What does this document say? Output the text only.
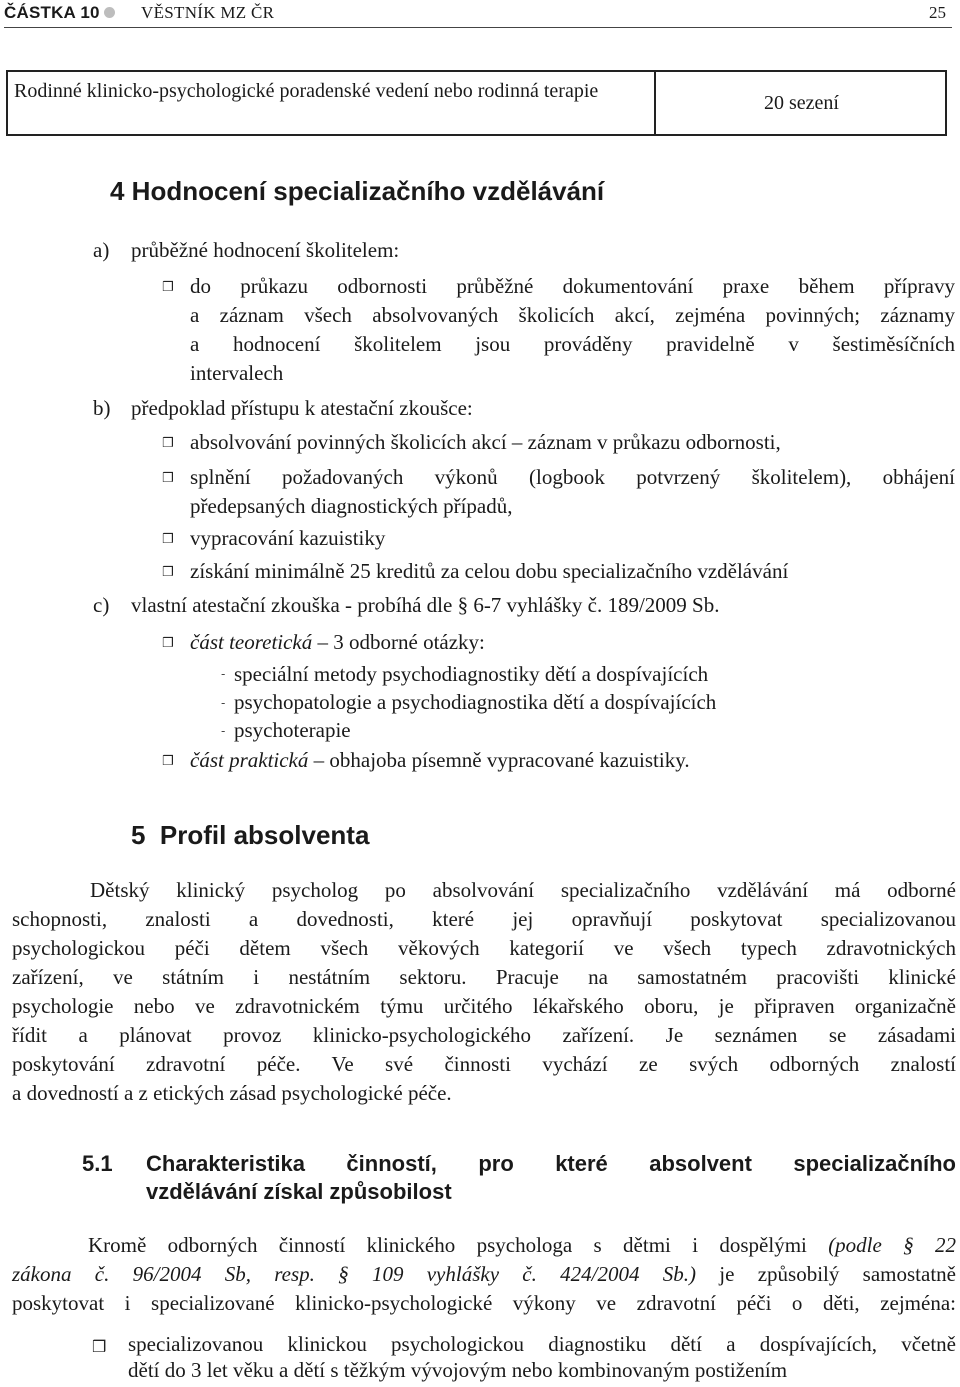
ČÁSTKA 10 VĚSTNÍK MZ ČR	25
Rodinné klinicko-psychologické poradenské vedení nebo rodinná terapie
20 sezení
4 Hodnocení specializačního vzdělávání
a) průběžné hodnocení školitelem:
❒ do průkazu odbornosti průběžné dokumentování praxe během přípravy
a záznam všech absolvovaných školicích akcí, zejména povinných; záznamy
a hodnocení školitelem jsou prováděny pravidelně v šestiměsíčních
intervalech
b) předpoklad přístupu k atestační zkoušce:
❒ absolvování povinných školicích akcí – záznam v průkazu odbornosti,
❒ splnění požadovaných výkonů (logbook potvrzený školitelem), obhájení
předepsaných diagnostických případů,
❒ vypracování kazuistiky
❒ získání minimálně 25 kreditů za celou dobu specializačního vzdělávání
c) vlastní atestační zkouška - probíhá dle § 6-7 vyhlášky č. 189/2009 Sb.
❒ část teoretická – 3 odborné otázky:
- speciální metody psychodiagnostiky dětí a dospívajících
- psychopatologie a psychodiagnostika dětí a dospívajících
- psychoterapie
❒ část praktická – obhajoba písemně vypracované kazuistiky.
5 Profil absolventa
Dětský klinický psycholog po absolvování specializačního vzdělávání má odborné
schopnosti, znalosti a dovednosti, které jej opravňují poskytovat specializovanou
psychologickou péči dětem všech věkových kategorií ve všech typech zdravotnických
zařízení, ve státním i nestátním sektoru. Pracuje na samostatném pracovišti klinické
psychologie nebo ve zdravotnickém týmu určitého lékařského oboru, je připraven organizačně
řídit a plánovat provoz klinicko-psychologického zařízení. Je seznámen se zásadami
poskytování zdravotní péče. Ve své činnosti vychází ze svých odborných znalostí
a dovedností a z etických zásad psychologické péče.
5.1 Charakteristika činností, pro které absolvent specializačního
vzdělávání získal způsobilost
Kromě odborných činností klinického psychologa s dětmi i dospělými (podle § 22
zákona č. 96/2004 Sb, resp. § 109 vyhlášky č. 424/2004 Sb.) je způsobilý samostatně
poskytovat i specializované klinicko-psychologické výkony ve zdravotní péči o děti, zejména:
❒ specializovanou klinickou psychologickou diagnostiku dětí a dospívajících, včetně
dětí do 3 let věku a dětí s těžkým vývojovým nebo kombinovaným postižením
